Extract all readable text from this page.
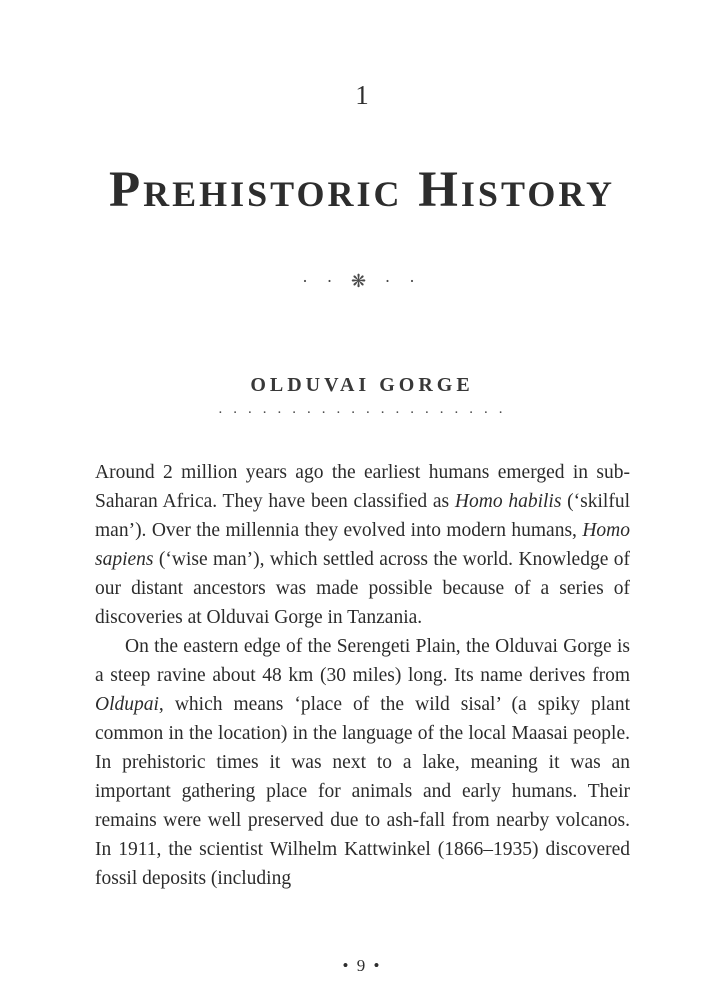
1
Prehistoric History
· · ❋ · ·
OLDUVAI GORGE
· · · · · · · · · · · · · · · · · · · ·

Around 2 million years ago the earliest humans emerged in sub-Saharan Africa. They have been classified as Homo habilis (‘skilful man’). Over the millennia they evolved into modern humans, Homo sapiens (‘wise man’), which settled across the world. Knowledge of our distant ancestors was made possible because of a series of discoveries at Olduvai Gorge in Tanzania.

On the eastern edge of the Serengeti Plain, the Olduvai Gorge is a steep ravine about 48 km (30 miles) long. Its name derives from Oldupai, which means ‘place of the wild sisal’ (a spiky plant common in the location) in the language of the local Maasai people. In prehistoric times it was next to a lake, meaning it was an important gathering place for animals and early humans. Their remains were well preserved due to ash-fall from nearby volcanos. In 1911, the scientist Wilhelm Kattwinkel (1866–1935) discovered fossil deposits (including

• 9 •
